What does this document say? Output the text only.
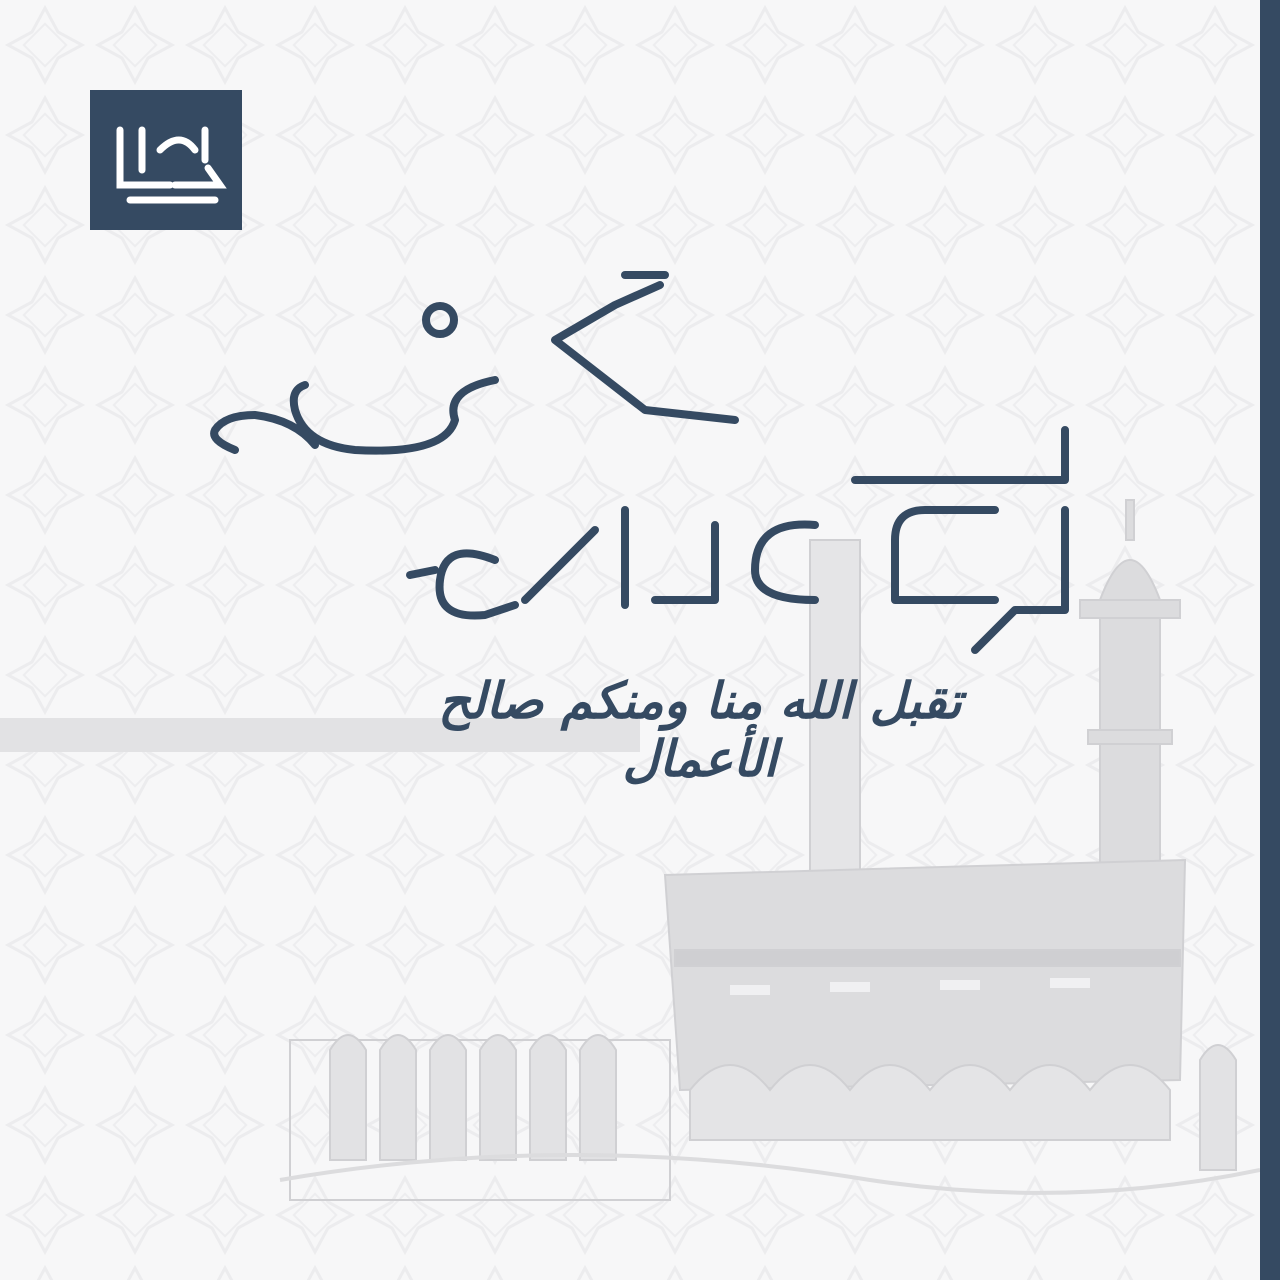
تقبل الله منا ومنكم صالح الأعمال
